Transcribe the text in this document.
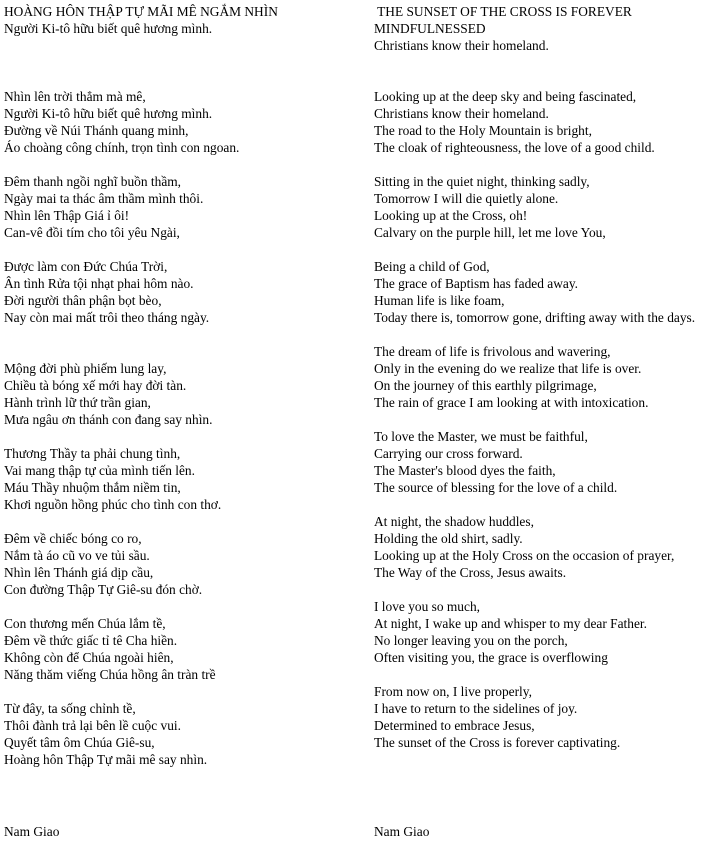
HOÀNG HÔN THẬP TỰ MÃI MÊ NGẮM NHÌN
Người Ki-tô hữu biết quê hương mình.
Nhìn lên trời thẳm mà mê,
Người Ki-tô hữu biết quê hương mình.
Đường về Núi Thánh quang minh,
Áo choàng công chính, trọn tình con ngoan.
Đêm thanh ngồi nghĩ buồn thầm,
Ngày mai ta thác âm thầm mình thôi.
Nhìn lên Thập Giá ỉ ôi!
Can-vê đồi tím cho tôi yêu Ngài,
Được làm con Đức Chúa Trời,
Ân tình Rửa tội nhạt phai hôm nào.
Đời người thân phận bọt bèo,
Nay còn mai mất trôi theo tháng ngày.
Mộng đời phù phiếm lung lay,
Chiều tà bóng xế mới hay đời tàn.
Hành trình lữ thứ trần gian,
Mưa ngâu ơn thánh con đang say nhìn.
Thương Thầy ta phải chung tình,
Vai mang thập tự của mình tiến lên.
Máu Thầy nhuộm thắm niềm tin,
Khơi nguồn hồng phúc cho tình con thơ.
Đêm về chiếc bóng co ro,
Nắm tà áo cũ vo ve tủi sầu.
Nhìn lên Thánh giá dịp cầu,
Con đường Thập Tự Giê-su đón chờ.
Con thương mến Chúa lắm tề,
Đêm về thức giấc tỉ tê Cha hiền.
Không còn để Chúa ngoài hiên,
Năng thăm viếng Chúa hồng ân tràn trề
Từ đây, ta sống chỉnh tề,
Thôi đành trả lại bên lề cuộc vui.
Quyết tâm ôm Chúa Giê-su,
Hoàng hôn Thập Tự mãi mê say nhìn.
THE SUNSET OF THE CROSS IS FOREVER
MINDFULNESSED
Christians know their homeland.
Looking up at the deep sky and being fascinated,
Christians know their homeland.
The road to the Holy Mountain is bright,
The cloak of righteousness, the love of a good child.
Sitting in the quiet night, thinking sadly,
Tomorrow I will die quietly alone.
Looking up at the Cross, oh!
Calvary on the purple hill, let me love You,
Being a child of God,
The grace of Baptism has faded away.
Human life is like foam,
Today there is, tomorrow gone, drifting away with the days.
The dream of life is frivolous and wavering,
Only in the evening do we realize that life is over.
On the journey of this earthly pilgrimage,
The rain of grace I am looking at with intoxication.
To love the Master, we must be faithful,
Carrying our cross forward.
The Master's blood dyes the faith,
The source of blessing for the love of a child.
At night, the shadow huddles,
Holding the old shirt, sadly.
Looking up at the Holy Cross on the occasion of prayer,
The Way of the Cross, Jesus awaits.
I love you so much,
At night, I wake up and whisper to my dear Father.
No longer leaving you on the porch,
Often visiting you, the grace is overflowing
From now on, I live properly,
I have to return to the sidelines of joy.
Determined to embrace Jesus,
The sunset of the Cross is forever captivating.
Nam Giao	Nam Giao
